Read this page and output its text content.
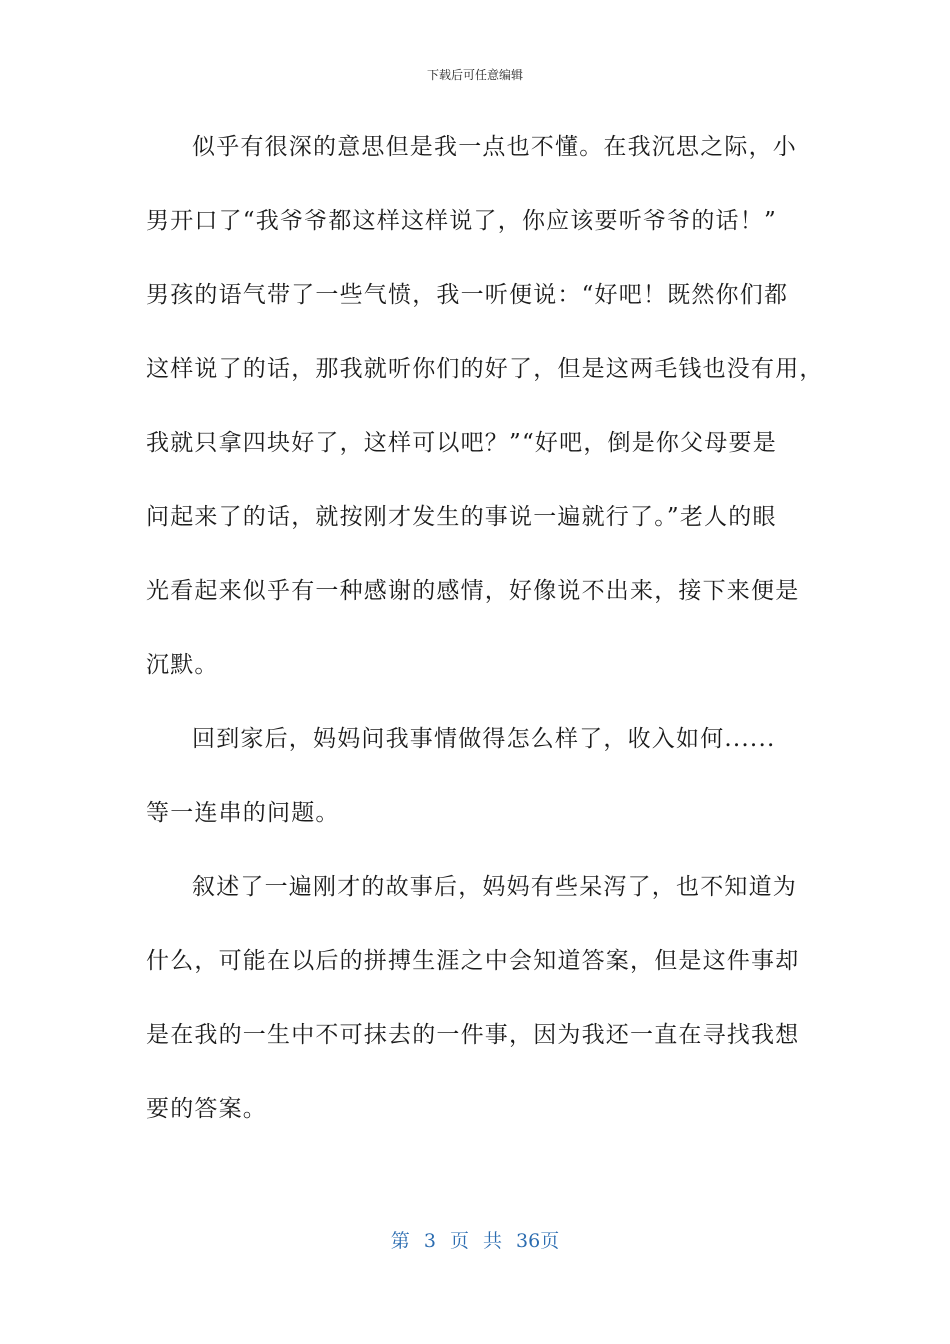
下载后可任意编辑
似乎有很深的意思但是我一点也不懂。在我沉思之际，小
男开口了“我爷爷都这样这样说了，你应该要听爷爷的话！”
男孩的语气带了一些气愤，我一听便说：“好吧！既然你们都
这样说了的话，那我就听你们的好了，但是这两毛钱也没有用，
我就只拿四块好了，这样可以吧？”“好吧，倒是你父母要是
问起来了的话，就按刚才发生的事说一遍就行了。”老人的眼
光看起来似乎有一种感谢的感情，好像说不出来，接下来便是
沉默。
回到家后，妈妈问我事情做得怎么样了，收入如何......
等一连串的问题。
叙述了一遍刚才的故事后，妈妈有些呆泻了，也不知道为
什么，可能在以后的拼搏生涯之中会知道答案，但是这件事却
是在我的一生中不可抹去的一件事，因为我还一直在寻找我想
要的答案。
第 3 页 共 36页
